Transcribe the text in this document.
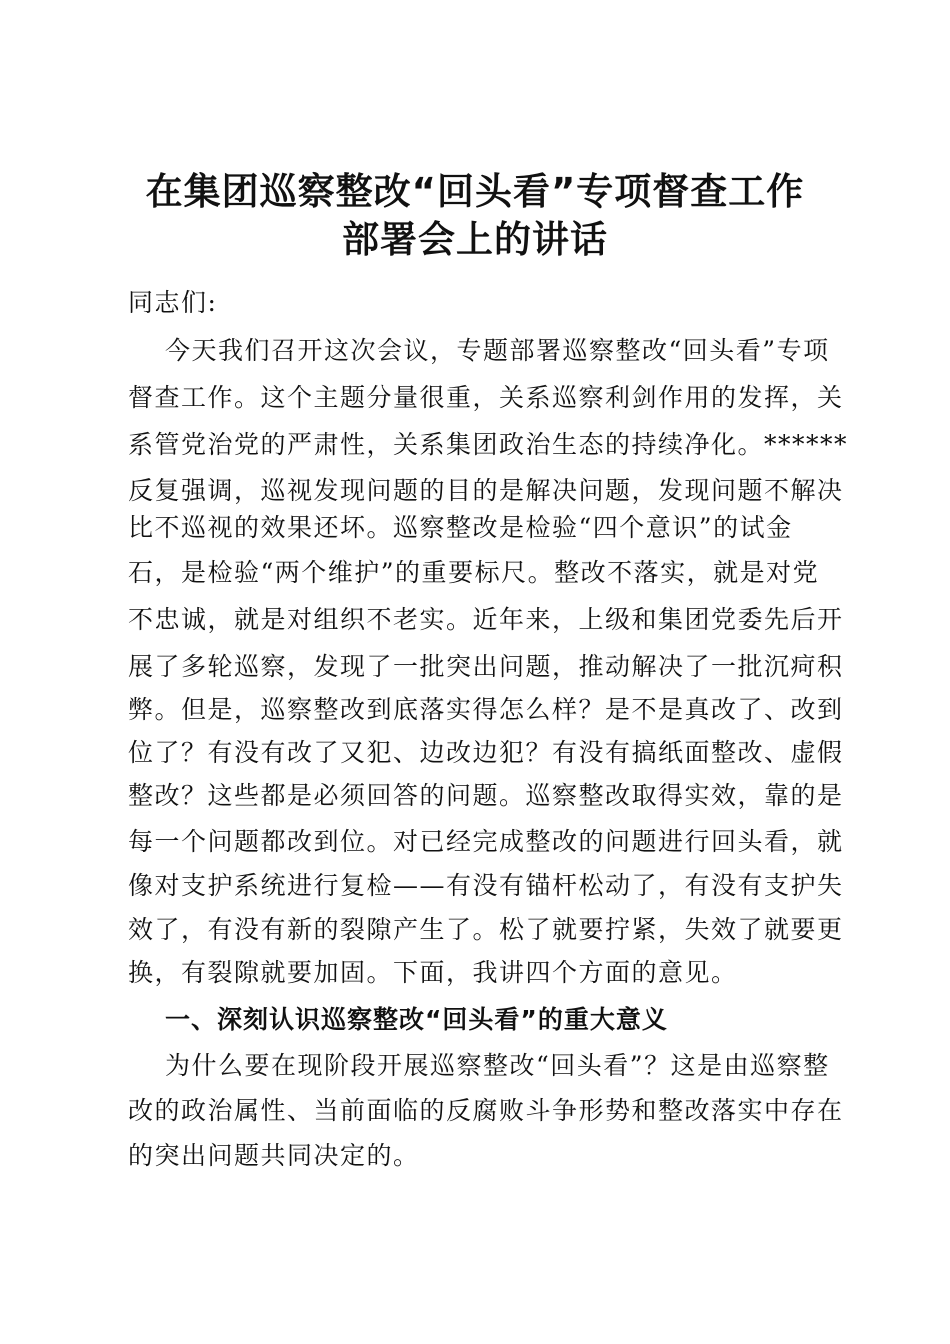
在集团巡察整改“回头看”专项督查工作
部署会上的讲话
同志们:
今天我们召开这次会议，专题部署巡察整改“回头看”专项
督查工作。这个主题分量很重，关系巡察利剑作用的发挥，关
系管党治党的严肃性，关系集团政治生态的持续净化。******
反复强调，巡视发现问题的目的是解决问题，发现问题不解决
比不巡视的效果还坏。巡察整改是检验“四个意识”的试金
石，是检验“两个维护”的重要标尺。整改不落实，就是对党
不忠诚，就是对组织不老实。近年来，上级和集团党委先后开
展了多轮巡察，发现了一批突出问题，推动解决了一批沉疴积
弊。但是，巡察整改到底落实得怎么样？是不是真改了、改到
位了？有没有改了又犯、边改边犯？有没有搞纸面整改、虚假
整改？这些都是必须回答的问题。巡察整改取得实效，靠的是
每一个问题都改到位。对已经完成整改的问题进行回头看，就
像对支护系统进行复检——有没有锚杆松动了，有没有支护失
效了，有没有新的裂隙产生了。松了就要拧紧，失效了就要更
换，有裂隙就要加固。下面，我讲四个方面的意见。
一、深刻认识巡察整改“回头看”的重大意义
为什么要在现阶段开展巡察整改“回头看”？这是由巡察整
改的政治属性、当前面临的反腐败斗争形势和整改落实中存在
的突出问题共同决定的。
